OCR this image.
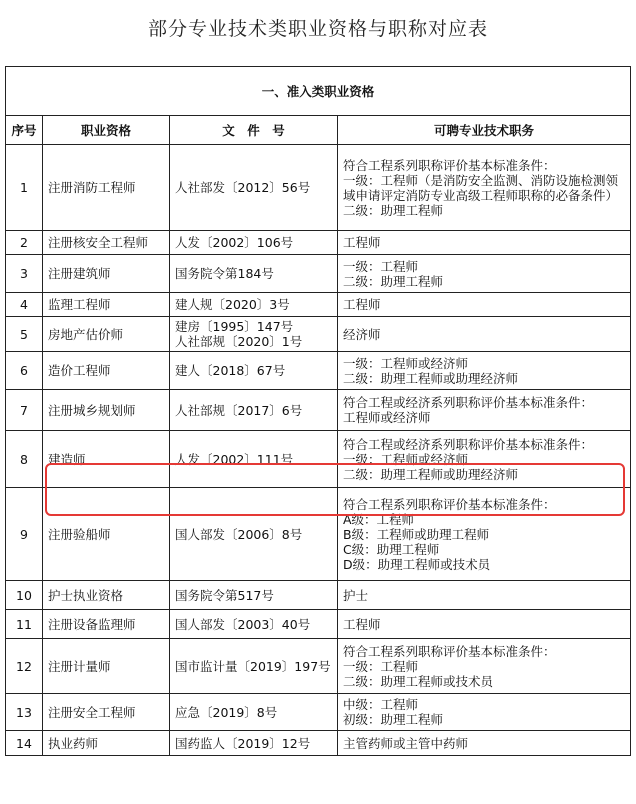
部分专业技术类职业资格与职称对应表
一、准入类职业资格			
序号	职业资格	文　件　号	可聘专业技术职务
1	注册消防工程师	人社部发〔2012〕56号	符合工程系列职称评价基本标准条件：
一级：工程师（是消防安全监测、消防设施检测领域申请评定消防专业高级工程师职称的必备条件）
二级：助理工程师

2	注册核安全工程师	人发〔2002〕106号	工程师

3	注册建筑师	国务院令第184号	一级：工程师
二级：助理工程师

4	监理工程师	建人规〔2020〕3号	工程师

5	房地产估价师	建房〔1995〕147号
人社部规〔2020〕1号	经济师

6	造价工程师	建人〔2018〕67号	一级：工程师或经济师
二级：助理工程师或助理经济师

7	注册城乡规划师	人社部规〔2017〕6号	符合工程或经济系列职称评价基本标准条件：
工程师或经济师

8	建造师	人发〔2002〕111号	符合工程或经济系列职称评价基本标准条件：
一级：工程师或经济师
二级：助理工程师或助理经济师

9	注册验船师	国人部发〔2006〕8号	符合工程系列职称评价基本标准条件：
A级：工程师
B级：工程师或助理工程师
C级：助理工程师
D级：助理工程师或技术员

10	护士执业资格	国务院令第517号	护士

11	注册设备监理师	国人部发〔2003〕40号	工程师

12	注册计量师	国市监计量〔2019〕197号	符合工程系列职称评价基本标准条件：
一级：工程师
二级：助理工程师或技术员

13	注册安全工程师	应急〔2019〕8号	中级：工程师
初级：助理工程师

14	执业药师	国药监人〔2019〕12号	主管药师或主管中药师
